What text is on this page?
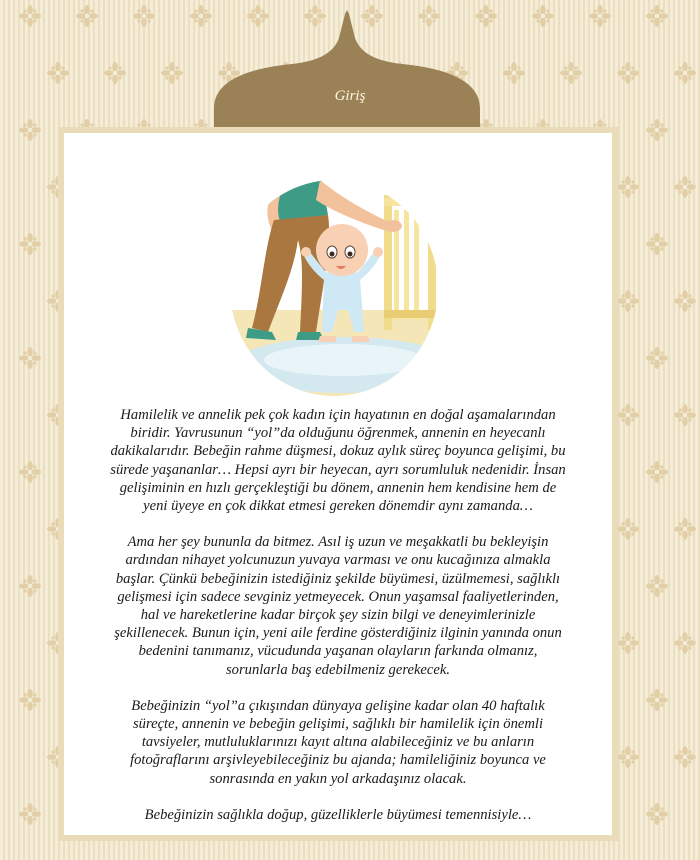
Giriş

Hamilelik ve annelik pek çok kadın için hayatının en doğal aşamalarından biridir. Yavrusunun “yol”da olduğunu öğrenmek, annenin en heyecanlı dakikalarıdır. Bebeğin rahme düşmesi, dokuz aylık süreç boyunca gelişimi, bu sürede yaşananlar… Hepsi ayrı bir heyecan, ayrı sorumluluk nedenidir. İnsan gelişiminin en hızlı gerçekleştiği bu dönem, annenin hem kendisine hem de yeni üyeye en çok dikkat etmesi gereken dönemdir aynı zamanda…

Ama her şey bununla da bitmez. Asıl iş uzun ve meşakkatli bu bekleyişin ardından nihayet yolcunuzun yuvaya varması ve onu kucağınıza almakla başlar. Çünkü bebeğinizin istediğiniz şekilde büyümesi, üzülmemesi, sağlıklı gelişmesi için sadece sevginiz yetmeyecek. Onun yaşamsal faaliyetlerinden, hal ve hareketlerine kadar birçok şey sizin bilgi ve deneyimlerinizle şekillenecek. Bunun için, yeni aile ferdine gösterdiğiniz ilginin yanında onun bedenini tanımanız, vücudunda yaşanan olayların farkında olmanız, sorunlarla baş edebilmeniz gerekecek.

Bebeğinizin “yol”a çıkışından dünyaya gelişine kadar olan 40 haftalık süreçte, annenin ve bebeğin gelişimi, sağlıklı bir hamilelik için önemli tavsiyeler, mutluluklarınızı kayıt altına alabileceğiniz ve bu anların fotoğraflarını arşivleyebileceğiniz bu ajanda; hamileliğiniz boyunca ve sonrasında en yakın yol arkadaşınız olacak.

Bebeğinizin sağlıkla doğup, güzelliklerle büyümesi temennisiyle…
